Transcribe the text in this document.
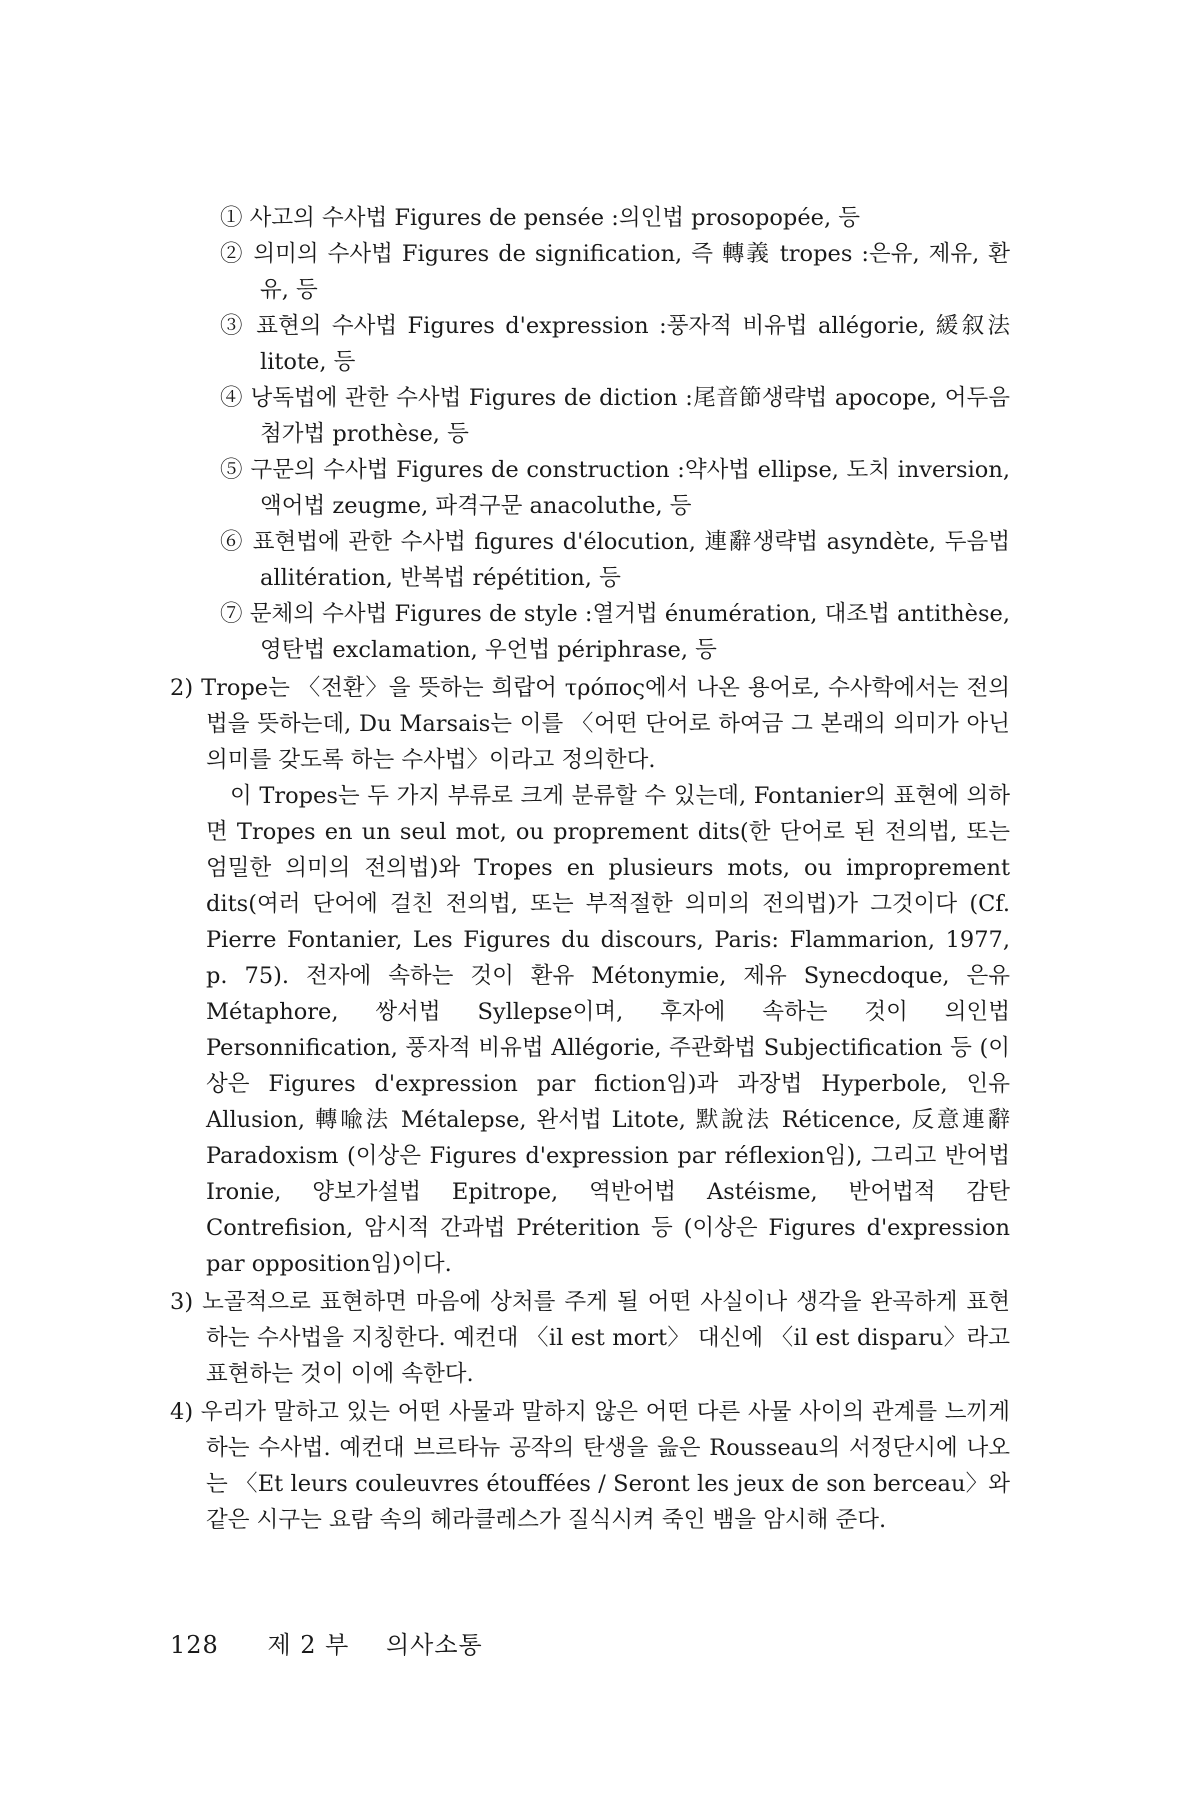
① 사고의 수사법 Figures de pensée :의인법 prosopopée, 등
② 의미의 수사법 Figures de signification, 즉 轉義 tropes :은유, 제유, 환유, 등
③ 표현의 수사법 Figures d'expression :풍자적 비유법 allégorie, 緩叙法 litote, 등
④ 낭독법에 관한 수사법 Figures de diction :尾音節생략법 apocope, 어두음 첨가법 prothèse, 등
⑤ 구문의 수사법 Figures de construction :약사법 ellipse, 도치 inversion, 액어법 zeugme, 파격구문 anacoluthe, 등
⑥ 표현법에 관한 수사법 figures d'élocution, 連辭생략법 asyndète, 두음법 allitération, 반복법 répétition, 등
⑦ 문체의 수사법 Figures de style :열거법 énumération, 대조법 antithèse, 영탄법 exclamation, 우언법 périphrase, 등
2) Trope는 〈전환〉을 뜻하는 희랍어 τρόπος에서 나온 용어로, 수사학에서는 전의법을 뜻하는데, Du Marsais는 이를 〈어떤 단어로 하여금 그 본래의 의미가 아닌 의미를 갖도록 하는 수사법〉이라고 정의한다.
이 Tropes는 두 가지 부류로 크게 분류할 수 있는데, Fontanier의 표현에 의하면 Tropes en un seul mot, ou proprement dits(한 단어로 된 전의법, 또는 엄밀한 의미의 전의법)와 Tropes en plusieurs mots, ou improprement dits(여러 단어에 걸친 전의법, 또는 부적절한 의미의 전의법)가 그것이다 (Cf. Pierre Fontanier, Les Figures du discours, Paris: Flammarion, 1977, p. 75). 전자에 속하는 것이 환유 Métonymie, 제유 Synecdoque, 은유 Métaphore, 쌍서법 Syllepse이며, 후자에 속하는 것이 의인법 Personnification, 풍자적 비유법 Allégorie, 주관화법 Subjectification 등 (이상은 Figures d'expression par fiction임)과 과장법 Hyperbole, 인유 Allusion, 轉喩法 Métalepse, 완서법 Litote, 默說法 Réticence, 反意連辭 Paradoxism (이상은 Figures d'expression par réflexion임), 그리고 반어법 Ironie, 양보가설법 Epitrope, 역반어법 Astéisme, 반어법적 감탄 Contrefision, 암시적 간과법 Préterition 등 (이상은 Figures d'expression par opposition임)이다.
3) 노골적으로 표현하면 마음에 상처를 주게 될 어떤 사실이나 생각을 완곡하게 표현하는 수사법을 지칭한다. 예컨대 〈il est mort〉 대신에 〈il est disparu〉라고 표현하는 것이 이에 속한다.
4) 우리가 말하고 있는 어떤 사물과 말하지 않은 어떤 다른 사물 사이의 관계를 느끼게 하는 수사법. 예컨대 브르타뉴 공작의 탄생을 읊은 Rousseau의 서정단시에 나오는 〈Et leurs couleuvres étouffées / Seront les jeux de son berceau〉와 같은 시구는 요람 속의 헤라클레스가 질식시켜 죽인 뱀을 암시해 준다.
128 제 2 부 의사소통
